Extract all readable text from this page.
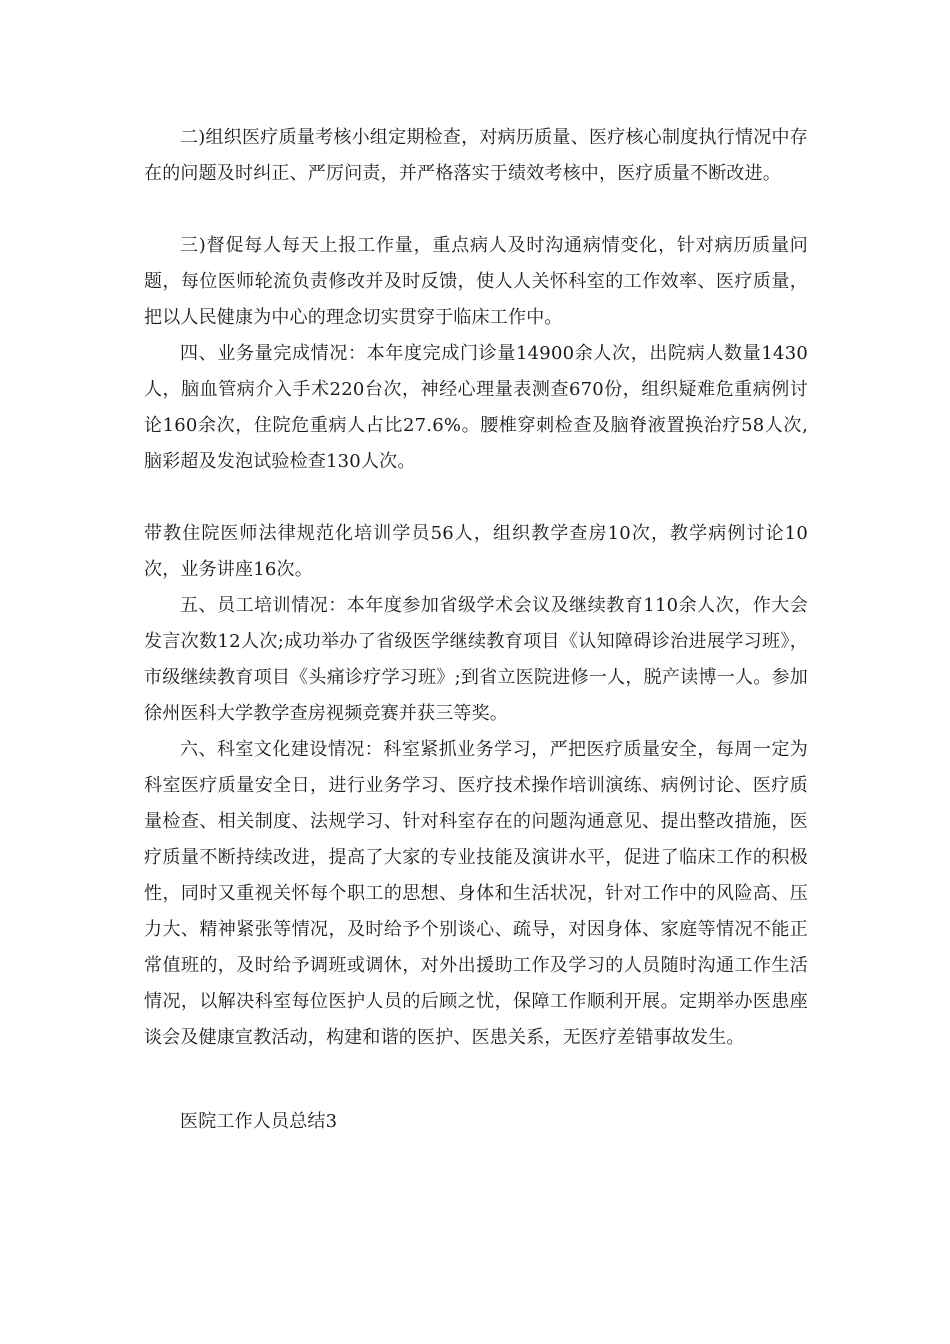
二)组织医疗质量考核小组定期检查，对病历质量、医疗核心制度执行情况中存在的问题及时纠正、严厉问责，并严格落实于绩效考核中，医疗质量不断改进。

三)督促每人每天上报工作量，重点病人及时沟通病情变化，针对病历质量问题，每位医师轮流负责修改并及时反馈，使人人关怀科室的工作效率、医疗质量，把以人民健康为中心的理念切实贯穿于临床工作中。

四、业务量完成情况：本年度完成门诊量14900余人次，出院病人数量1430人，脑血管病介入手术220台次，神经心理量表测查670份，组织疑难危重病例讨论160余次，住院危重病人占比27.6%。腰椎穿刺检查及脑脊液置换治疗58人次,脑彩超及发泡试验检查130人次。

带教住院医师法律规范化培训学员56人，组织教学查房10次，教学病例讨论10次，业务讲座16次。

五、员工培训情况：本年度参加省级学术会议及继续教育110余人次，作大会发言次数12人次;成功举办了省级医学继续教育项目《认知障碍诊治进展学习班》，市级继续教育项目《头痛诊疗学习班》;到省立医院进修一人，脱产读博一人。参加徐州医科大学教学查房视频竞赛并获三等奖。

六、科室文化建设情况：科室紧抓业务学习，严把医疗质量安全，每周一定为科室医疗质量安全日，进行业务学习、医疗技术操作培训演练、病例讨论、医疗质量检查、相关制度、法规学习、针对科室存在的问题沟通意见、提出整改措施，医疗质量不断持续改进，提高了大家的专业技能及演讲水平，促进了临床工作的积极性，同时又重视关怀每个职工的思想、身体和生活状况，针对工作中的风险高、压力大、精神紧张等情况，及时给予个别谈心、疏导，对因身体、家庭等情况不能正常值班的，及时给予调班或调休，对外出援助工作及学习的人员随时沟通工作生活情况，以解决科室每位医护人员的后顾之忧，保障工作顺利开展。定期举办医患座谈会及健康宣教活动，构建和谐的医护、医患关系，无医疗差错事故发生。

医院工作人员总结3
